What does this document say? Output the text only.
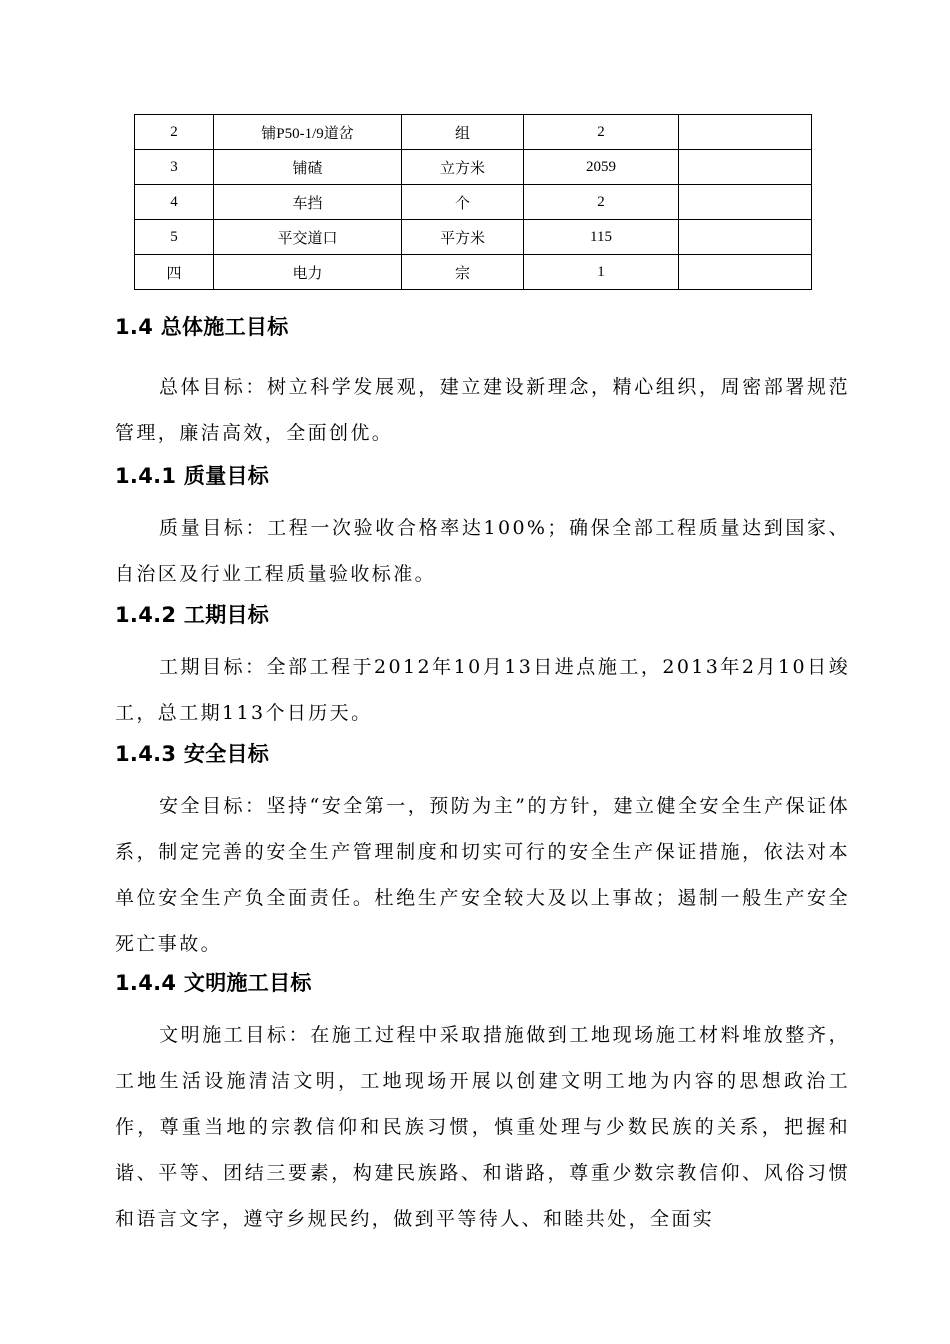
2	铺P50-1/9道岔	组	2	
3	铺碴	立方米	2059	
4	车挡	个	2	
5	平交道口	平方米	115	
四	电力	宗	1	
1.4 总体施工目标

总体目标：树立科学发展观，建立建设新理念，精心组织，周密部署规范管理，廉洁高效，全面创优。

1.4.1 质量目标

质量目标：工程一次验收合格率达100%；确保全部工程质量达到国家、自治区及行业工程质量验收标准。

1.4.2 工期目标

工期目标：全部工程于2012年10月13日进点施工，2013年2月10日竣工，总工期113个日历天。

1.4.3 安全目标

安全目标：坚持“安全第一，预防为主”的方针，建立健全安全生产保证体系，制定完善的安全生产管理制度和切实可行的安全生产保证措施，依法对本单位安全生产负全面责任。杜绝生产安全较大及以上事故；遏制一般生产安全死亡事故。

1.4.4 文明施工目标

文明施工目标：在施工过程中采取措施做到工地现场施工材料堆放整齐，工地生活设施清洁文明，工地现场开展以创建文明工地为内容的思想政治工作，尊重当地的宗教信仰和民族习惯，慎重处理与少数民族的关系，把握和谐、平等、团结三要素，构建民族路、和谐路，尊重少数宗教信仰、风俗习惯和语言文字，遵守乡规民约，做到平等待人、和睦共处，全面实
